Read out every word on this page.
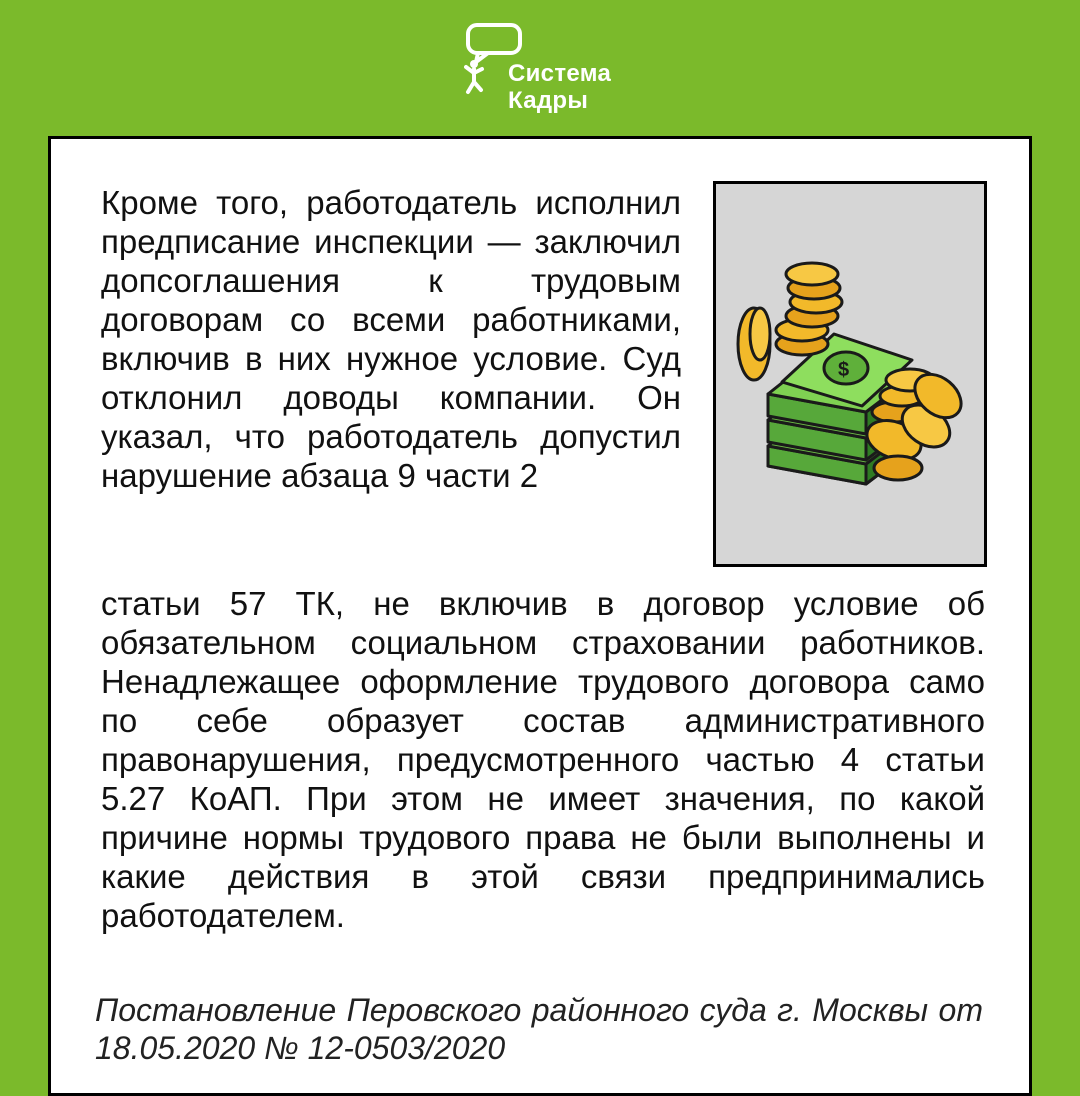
Система
Кадры
Кроме того, работодатель исполнил предписание инспекции — заключил допсоглашения к трудовым договорам со всеми работниками, включив в них нужное условие. Суд отклонил доводы компании. Он указал, что работодатель допустил нарушение абзаца 9 части 2
$
статьи 57 ТК, не включив в договор условие об обязательном социальном страховании работников. Ненадлежащее оформление трудового договора само по себе образует состав административного правонарушения, предусмотренного частью 4 статьи 5.27 КоАП. При этом не имеет значения, по какой причине нормы трудового права не были выполнены и какие действия в этой связи предпринимались работодателем.
Постановление Перовского районного суда г. Москвы от 18.05.2020 № 12-0503/2020
